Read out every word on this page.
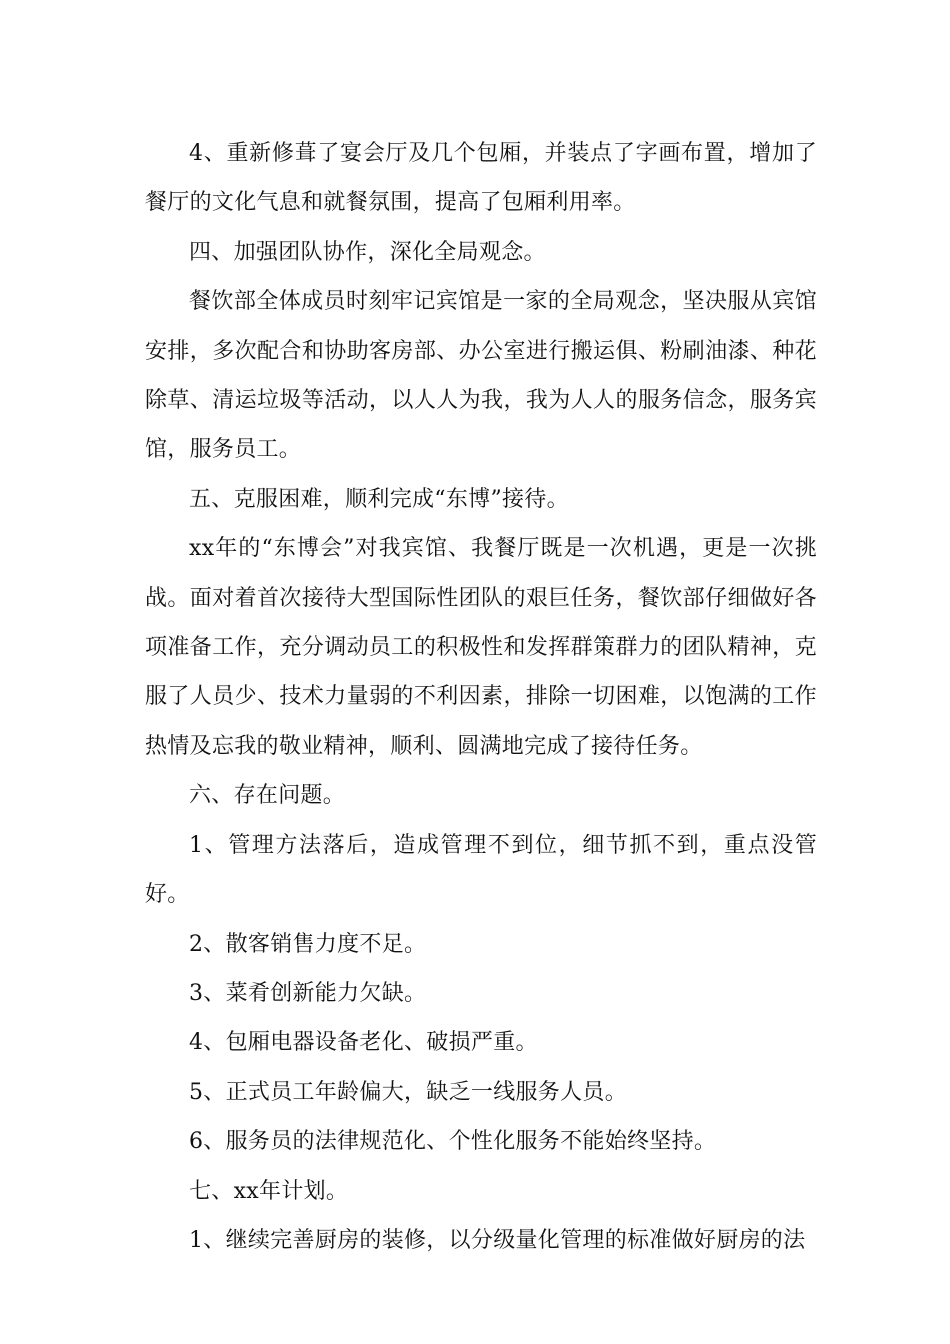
4、重新修葺了宴会厅及几个包厢，并装点了字画布置，增加了餐厅的文化气息和就餐氛围，提高了包厢利用率。

四、加强团队协作，深化全局观念。

餐饮部全体成员时刻牢记宾馆是一家的全局观念，坚决服从宾馆安排，多次配合和协助客房部、办公室进行搬运俱、粉刷油漆、种花除草、清运垃圾等活动，以人人为我，我为人人的服务信念，服务宾馆，服务员工。

五、克服困难，顺利完成“东博”接待。

xx年的“东博会”对我宾馆、我餐厅既是一次机遇，更是一次挑战。面对着首次接待大型国际性团队的艰巨任务，餐饮部仔细做好各项准备工作，充分调动员工的积极性和发挥群策群力的团队精神，克服了人员少、技术力量弱的不利因素，排除一切困难，以饱满的工作热情及忘我的敬业精神，顺利、圆满地完成了接待任务。

六、存在问题。

1、管理方法落后，造成管理不到位，细节抓不到，重点没管好。

2、散客销售力度不足。

3、菜肴创新能力欠缺。

4、包厢电器设备老化、破损严重。

5、正式员工年龄偏大，缺乏一线服务人员。

6、服务员的法律规范化、个性化服务不能始终坚持。

七、xx年计划。

1、继续完善厨房的装修，以分级量化管理的标准做好厨房的法
